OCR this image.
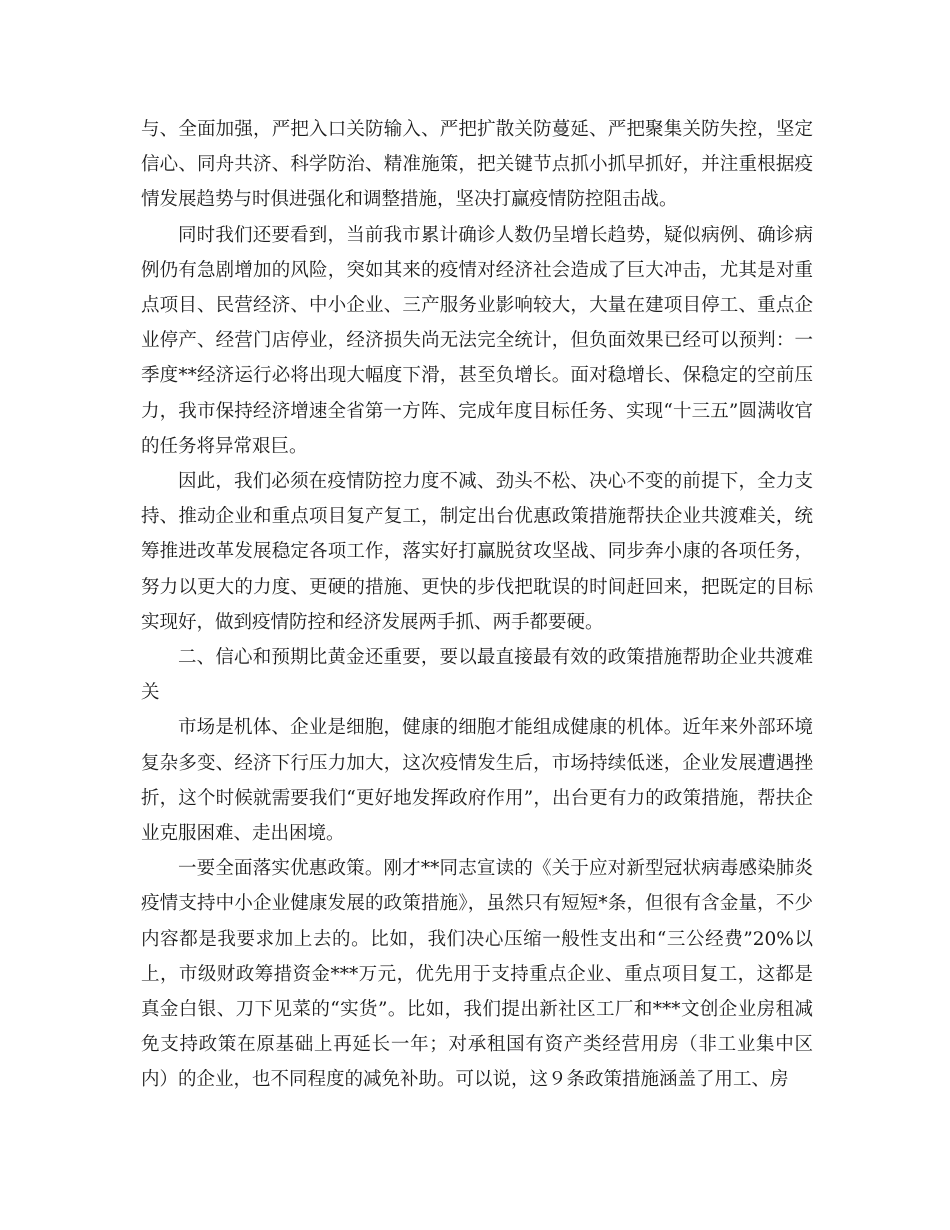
与、全面加强，严把入口关防输入、严把扩散关防蔓延、严把聚集关防失控，坚定信心、同舟共济、科学防治、精准施策，把关键节点抓小抓早抓好，并注重根据疫情发展趋势与时俱进强化和调整措施，坚决打赢疫情防控阻击战。

同时我们还要看到，当前我市累计确诊人数仍呈增长趋势，疑似病例、确诊病例仍有急剧增加的风险，突如其来的疫情对经济社会造成了巨大冲击，尤其是对重点项目、民营经济、中小企业、三产服务业影响较大，大量在建项目停工、重点企业停产、经营门店停业，经济损失尚无法完全统计，但负面效果已经可以预判：一季度**经济运行必将出现大幅度下滑，甚至负增长。面对稳增长、保稳定的空前压力，我市保持经济增速全省第一方阵、完成年度目标任务、实现“十三五”圆满收官的任务将异常艰巨。

因此，我们必须在疫情防控力度不减、劲头不松、决心不变的前提下，全力支持、推动企业和重点项目复产复工，制定出台优惠政策措施帮扶企业共渡难关，统筹推进改革发展稳定各项工作，落实好打赢脱贫攻坚战、同步奔小康的各项任务，努力以更大的力度、更硬的措施、更快的步伐把耽误的时间赶回来，把既定的目标实现好，做到疫情防控和经济发展两手抓、两手都要硬。

二、信心和预期比黄金还重要，要以最直接最有效的政策措施帮助企业共渡难关

市场是机体、企业是细胞，健康的细胞才能组成健康的机体。近年来外部环境复杂多变、经济下行压力加大，这次疫情发生后，市场持续低迷，企业发展遭遇挫折，这个时候就需要我们“更好地发挥政府作用”，出台更有力的政策措施，帮扶企业克服困难、走出困境。

一要全面落实优惠政策。刚才**同志宣读的《关于应对新型冠状病毒感染肺炎疫情支持中小企业健康发展的政策措施》，虽然只有短短*条，但很有含金量，不少内容都是我要求加上去的。比如，我们决心压缩一般性支出和“三公经费”20%以上，市级财政筹措资金***万元，优先用于支持重点企业、重点项目复工，这都是真金白银、刀下见菜的“实货”。比如，我们提出新社区工厂和***文创企业房租减免支持政策在原基础上再延长一年；对承租国有资产类经营用房（非工业集中区内）的企业，也不同程度的减免补助。可以说，这９条政策措施涵盖了用工、房
